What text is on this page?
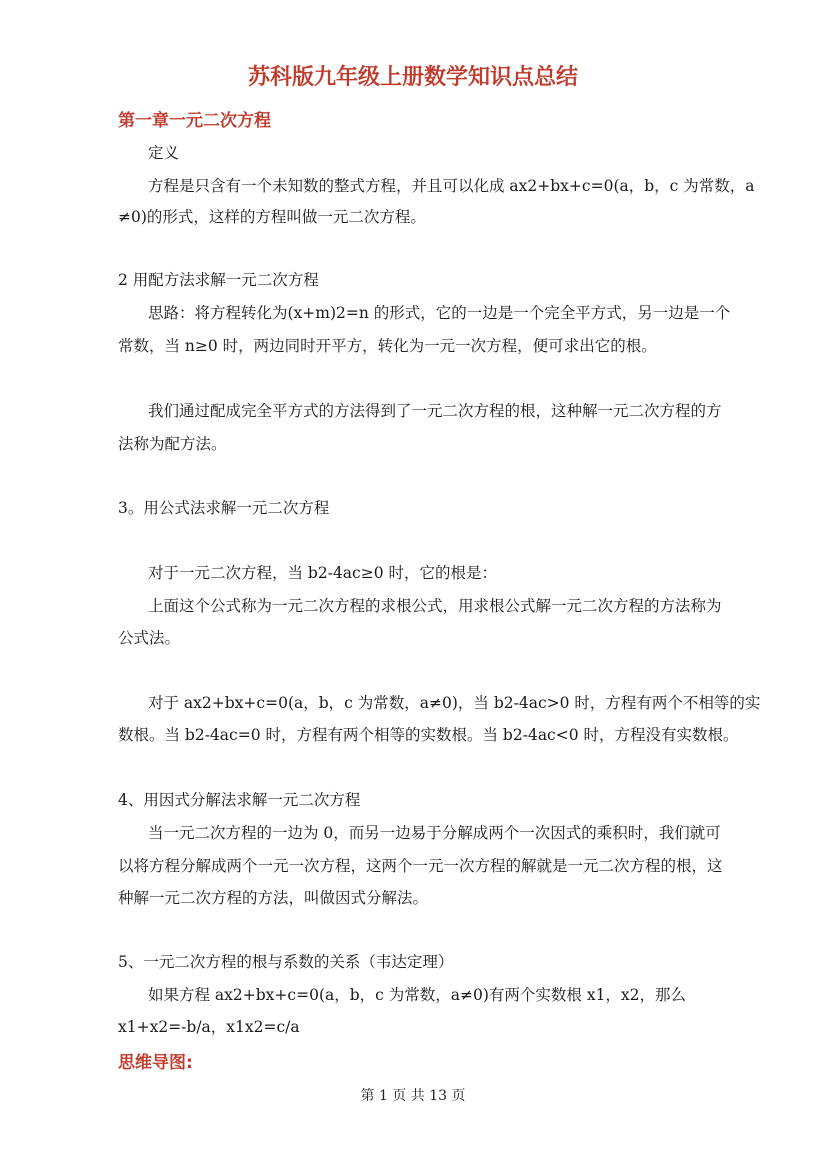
苏科版九年级上册数学知识点总结
第一章一元二次方程
定义
方程是只含有一个未知数的整式方程，并且可以化成 ax2+bx+c=0(a，b，c 为常数，a
≠0)的形式，这样的方程叫做一元二次方程。
2 用配方法求解一元二次方程
思路：将方程转化为(x+m)2=n 的形式，它的一边是一个完全平方式，另一边是一个
常数，当 n≥0 时，两边同时开平方，转化为一元一次方程，便可求出它的根。
我们通过配成完全平方式的方法得到了一元二次方程的根，这种解一元二次方程的方
法称为配方法。
3。用公式法求解一元二次方程
对于一元二次方程，当 b2-4ac≥0 时，它的根是：
上面这个公式称为一元二次方程的求根公式，用求根公式解一元二次方程的方法称为
公式法。
对于 ax2+bx+c=0(a，b，c 为常数，a≠0)，当 b2-4ac>0 时，方程有两个不相等的实
数根。当 b2-4ac=0 时，方程有两个相等的实数根。当 b2-4ac<0 时，方程没有实数根。
4、用因式分解法求解一元二次方程
当一元二次方程的一边为 0，而另一边易于分解成两个一次因式的乘积时，我们就可
以将方程分解成两个一元一次方程，这两个一元一次方程的解就是一元二次方程的根，这
种解一元二次方程的方法，叫做因式分解法。
5、一元二次方程的根与系数的关系（韦达定理）
如果方程 ax2+bx+c=0(a，b，c 为常数，a≠0)有两个实数根 x1，x2，那么
x1+x2=-b/a，x1x2=c/a
思维导图:
第 1 页 共 13 页
